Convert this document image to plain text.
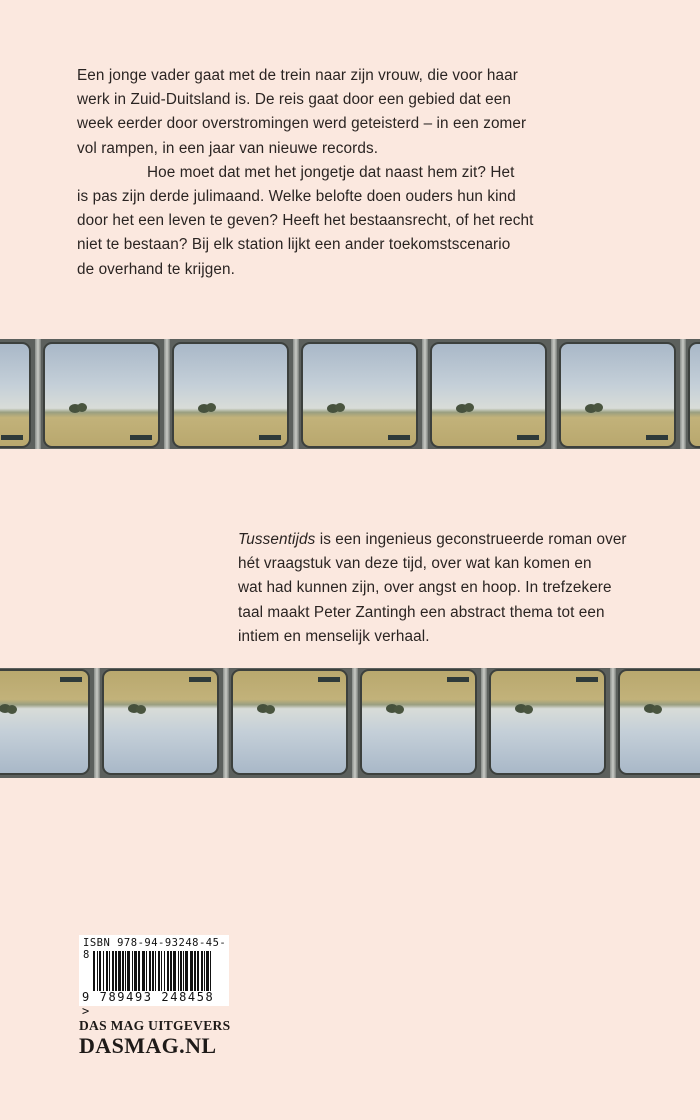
Een jonge vader gaat met de trein naar zijn vrouw, die voor haar
werk in Zuid-Duitsland is. De reis gaat door een gebied dat een
week eerder door overstromingen werd geteisterd – in een zomer
vol rampen, in een jaar van nieuwe records.
Hoe moet dat met het jongetje dat naast hem zit? Het
is pas zijn derde julimaand. Welke belofte doen ouders hun kind
door het een leven te geven? Heeft het bestaansrecht, of het recht
niet te bestaan? Bij elk station lijkt een ander toekomstscenario
de overhand te krijgen.
Tussentijds is een ingenieus geconstrueerde roman over
hét vraagstuk van deze tijd, over wat kan komen en
wat had kunnen zijn, over angst en hoop. In trefzekere
taal maakt Peter Zantingh een abstract thema tot een
intiem en menselijk verhaal.
ISBN 978-94-93248-45-8
9 789493 248458 >
DAS MAG UITGEVERS
DASMAG.NL
